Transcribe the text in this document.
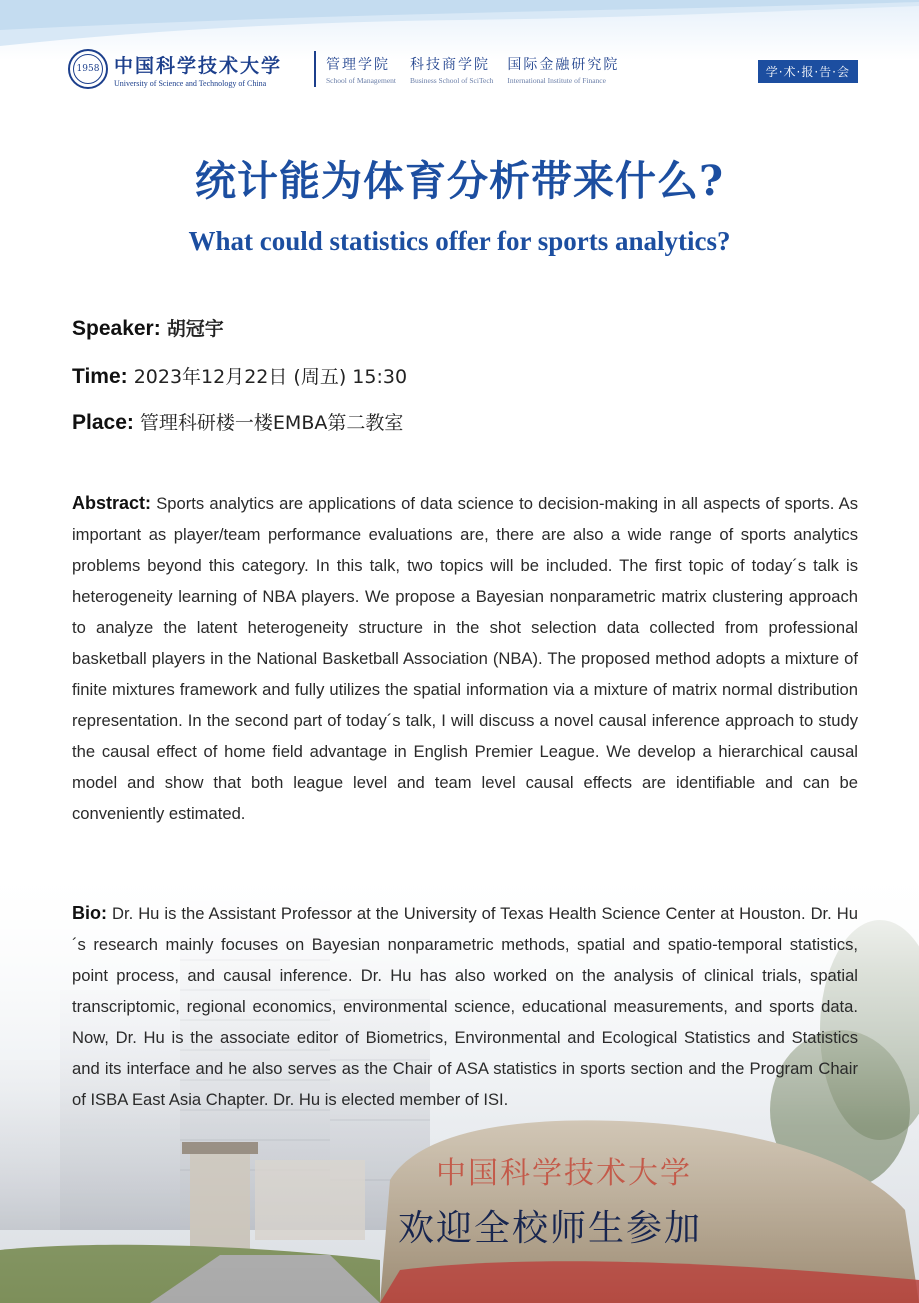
1958 中国科学技术大学
University of Science and Technology of China
管理学院
School of Management
科技商学院
Business School of SciTech
国际金融研究院
International Institute of Finance
学·术·报·告·会
统计能为体育分析带来什么?
What could statistics offer for sports analytics?
Speaker: 胡冠宇
Time: 2023年12月22日 (周五) 15:30
Place: 管理科研楼一楼EMBA第二教室
Abstract: Sports analytics are applications of data science to decision-making in all aspects of sports. As important as player/team performance evaluations are, there are also a wide range of sports analytics problems beyond this category. In this talk, two topics will be included. The first topic of today´s talk is heterogeneity learning of NBA players. We propose a Bayesian nonparametric matrix clustering approach to analyze the latent heterogeneity structure in the shot selection data collected from professional basketball players in the National Basketball Association (NBA). The proposed method adopts a mixture of finite mixtures framework and fully utilizes the spatial information via a mixture of matrix normal distribution representation. In the second part of today´s talk, I will discuss a novel causal inference approach to study the causal effect of home field advantage in English Premier League. We develop a hierarchical causal model and show that both league level and team level causal effects are identifiable and can be conveniently estimated.
Bio: Dr. Hu is the Assistant Professor at the University of Texas Health Science Center at Houston. Dr. Hu´s research mainly focuses on Bayesian nonparametric methods, spatial and spatio-temporal statistics, point process, and causal inference. Dr. Hu has also worked on the analysis of clinical trials, spatial transcriptomic, regional economics, environmental science, educational measurements, and sports data. Now, Dr. Hu is the associate editor of Biometrics, Environmental and Ecological Statistics and Statistics and its interface and he also serves as the Chair of ASA statistics in sports section and the Program Chair of ISBA East Asia Chapter. Dr. Hu is elected member of ISI.
中国科学技术大学
欢迎全校师生参加
